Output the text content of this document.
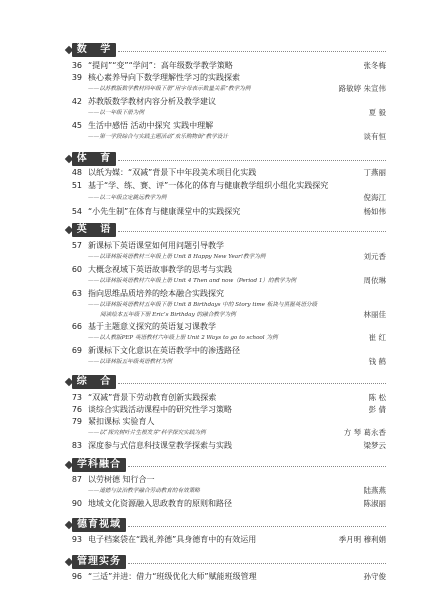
数 学
36 “提问”“变”“学问”：高年级数学教学策略	张冬梅
39 核心素养导向下数学理解性学习的实践探索
——以苏教版数学教材四年级下册“用字母表示数量关系”教学为例	路敏婷 朱宣伟
42 苏教版数学教材内容分析及教学建议
——以一年级下册为例	夏 毅
45 生活中感悟 活动中探究 实践中理解
——第一学段综合与实践主题活动“欢乐购物街”教学设计	谈有恒
体 育
48 以纸为媒：“双减”背景下中年段美术项目化实践	丁燕丽
51 基于“学、练、赛、评”一体化的体育与健康教学组织小组化实践探究
——以二年级立定跳远教学为例	倪海江
54 “小先生制”在体育与健康课堂中的实践探究	杨如伟
英 语
57 新课标下英语课堂如何用问题引导教学
——以译林版英语教材三年级上册 Unit 8 Happy New Year!教学为例	刘元香
60 大概念视域下英语故事教学的思考与实践
——以译林版英语教材六年级上册 Unit 4 Then and now（Period 1）的教学为例	周依琳
63 指向思维品质培养的绘本融合实践探究
——以译林版英语教材五年级下册 Unit 8 Birthdays 中的 Story time 板块与黑猩英语分级
阅读绘本五年级下册 Eric’s Birthday 的融合教学为例	林丽佳
66 基于主题意义探究的英语复习课教学
——以人教版PEP 英语教材六年级上册 Unit 2 Ways to go to school 为例	崔 红
69 新课标下文化意识在英语教学中的渗透路径
——以译林版五年级英语教材为例	钱 鹤
综 合
73 “双减”背景下劳动教育创新实践探索	陈 松
76 谈综合实践活动课程中的研究性学习策略	彭 倩
79 紧扣课标 实验育人
——以“探究树叶片生根发芽”科学探究实践为例	方 琴 葛永香
83 深度参与式信息科技课堂教学探索与实践	梁梦云
学科融合
87 以劳树德 知行合一
——道德与法治教学融合劳动教育的有效策略	陆燕燕
90 地域文化资源融入思政教育的原则和路径	陈淑丽
德育视域
93 电子档案袋在“践礼养德”具身德育中的有效运用	季月明 穆利娟
管理实务
96 “三适”并进：借力“班级优化大师”赋能班级管理	孙守俊
